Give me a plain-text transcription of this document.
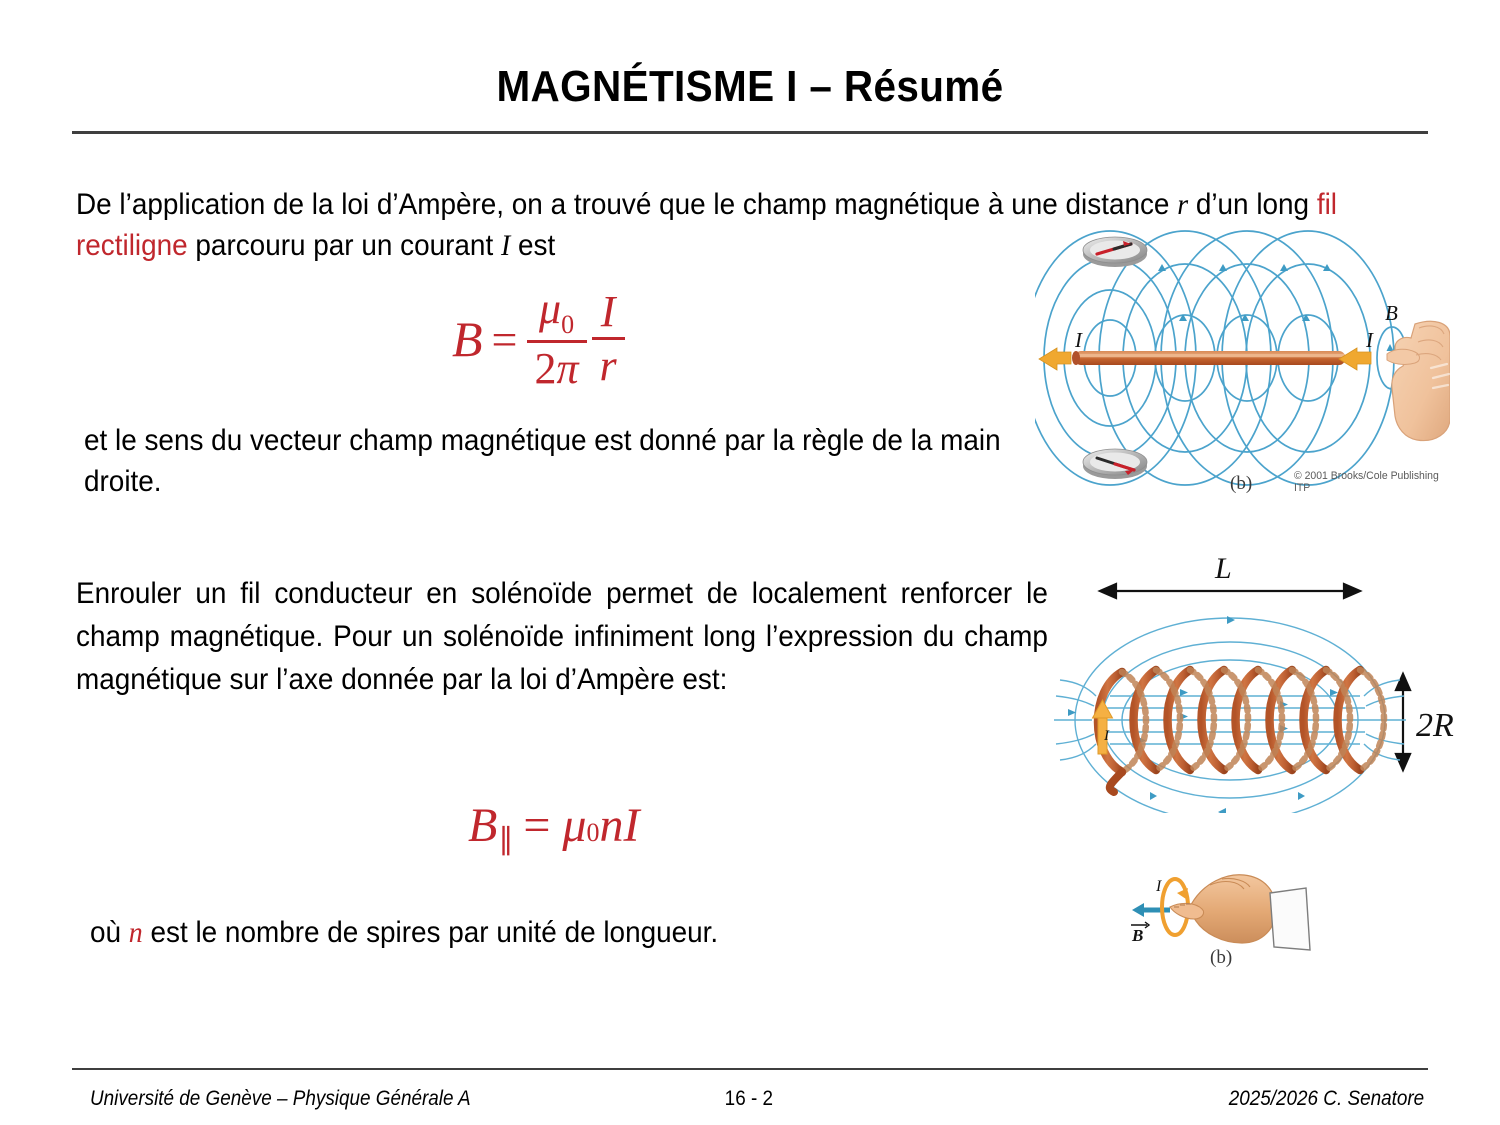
MAGNÉTISME I – Résumé
De l’application de la loi d’Ampère, on a trouvé que le champ magnétique à une distance r d’un long fil rectiligne parcouru par un courant I est
$B = \frac{\mu_0}{2\pi} \frac{I}{r}$
et le sens du vecteur champ magnétique est donné par la règle de la main droite.
Enrouler un fil conducteur en solénoïde permet de localement renforcer le champ magnétique. Pour un solénoïde infiniment long l’expression du champ magnétique sur l’axe donnée par la loi d’Ampère est:
B ∥ = μ 0 n I
où n est le nombre de spires par unité de longueur.
I	I
B
(b)	© 2001 Brooks/Cole Publishing ITP
L
2R
I
B
I
(b)
Université de Genève – Physique Générale A	16 - 2	2025/2026 C. Senatore
